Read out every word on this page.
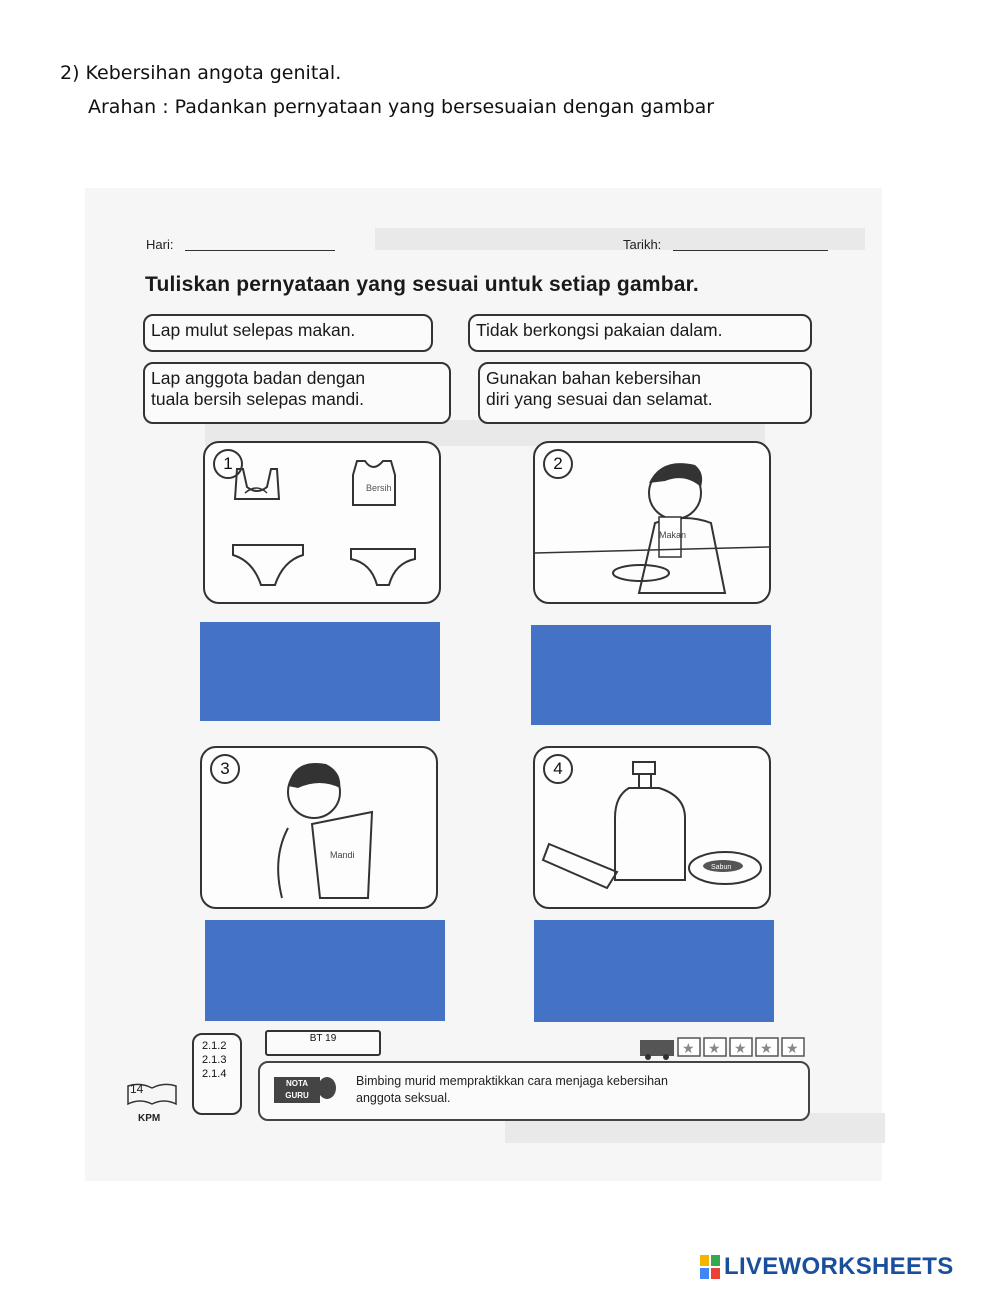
2) Kebersihan angota genital.
Arahan : Padankan pernyataan yang bersesuaian dengan gambar
Hari:	Tarikh:
Tuliskan pernyataan yang sesuai untuk setiap gambar.
Lap mulut selepas makan.	Tidak berkongsi pakaian dalam.
Lap anggota badan dengan
tuala bersih selepas mandi.
Gunakan bahan kebersihan
diri yang sesuai dan selamat.
1
Bersih
2
Makan
3
Mandi
4
Sabun
2.1.2
2.1.3
2.1.4
BT 19
★ ★ ★ ★ ★
NOTA GURU
Bimbing murid mempraktikkan cara menjaga kebersihan
anggota seksual.
14
KPM
LIVEWORKSHEETS
